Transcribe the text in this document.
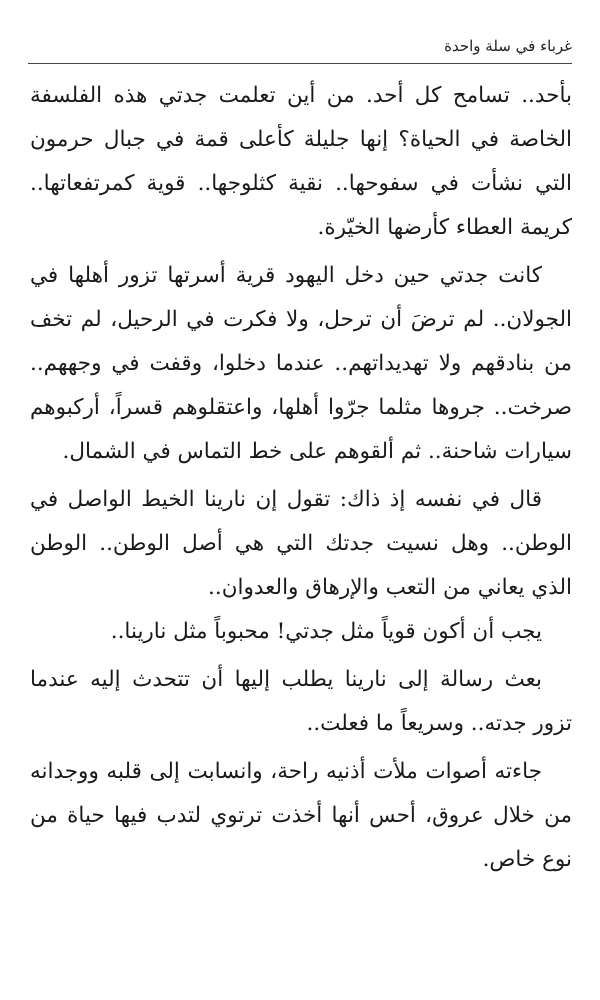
غرباء في سلة واحدة

بأحد.. تسامح كل أحد. من أين تعلمت جدتي هذه الفلسفة الخاصة في الحياة؟ إنها جليلة كأعلى قمة في جبال حرمون التي نشأت في سفوحها.. نقية كثلوجها.. قوية كمرتفعاتها.. كريمة العطاء كأرضها الخيّرة.

كانت جدتي حين دخل اليهود قرية أسرتها تزور أهلها في الجولان.. لم ترضَ أن ترحل، ولا فكرت في الرحيل، لم تخف من بنادقهم ولا تهديداتهم.. عندما دخلوا، وقفت في وجههم.. صرخت.. جروها مثلما جرّوا أهلها، واعتقلوهم قسراً، أركبوهم سيارات شاحنة.. ثم ألقوهم على خط التماس في الشمال.

قال في نفسه إذ ذاك: تقول إن نارينا الخيط الواصل في الوطن.. وهل نسيت جدتك التي هي أصل الوطن.. الوطن الذي يعاني من التعب والإرهاق والعدوان..

يجب أن أكون قوياً مثل جدتي! محبوباً مثل نارينا..

بعث رسالة إلى نارينا يطلب إليها أن تتحدث إليه عندما تزور جدته.. وسريعاً ما فعلت..

جاءته أصوات ملأت أذنيه راحة، وانسابت إلى قلبه ووجدانه من خلال عروق، أحس أنها أخذت ترتوي لتدب فيها حياة من نوع خاص.
